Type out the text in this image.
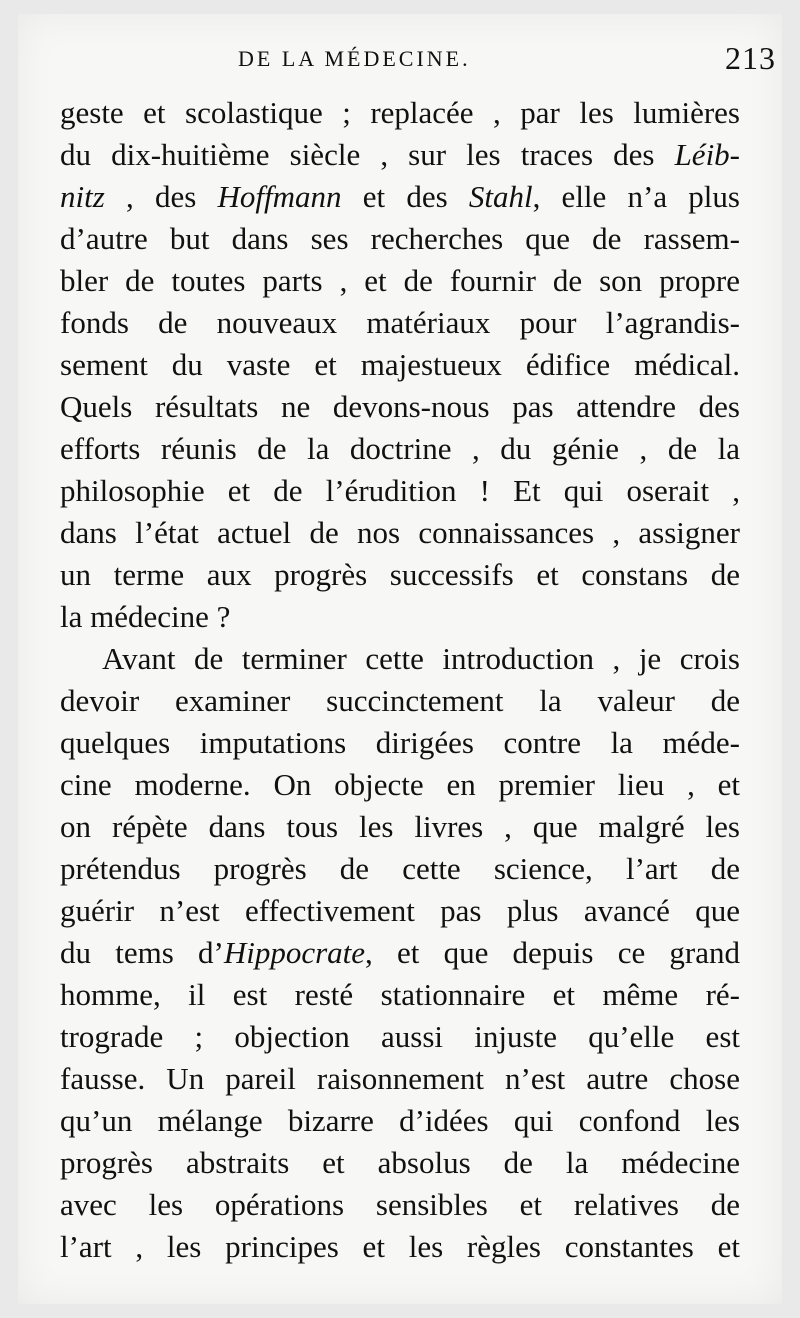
DE LA MÉDECINE.	213
geste et scolastique ; replacée , par les lumières
du dix-huitième siècle , sur les traces des Léib-
nitz , des Hoffmann et des Stahl, elle n’a plus
d’autre but dans ses recherches que de rassem-
bler de toutes parts , et de fournir de son propre
fonds de nouveaux matériaux pour l’agrandis-
sement du vaste et majestueux édifice médical.
Quels résultats ne devons-nous pas attendre des
efforts réunis de la doctrine , du génie , de la
philosophie et de l’érudition ! Et qui oserait ,
dans l’état actuel de nos connaissances , assigner
un terme aux progrès successifs et constans de
la médecine ?
Avant de terminer cette introduction , je crois
devoir examiner succinctement la valeur de
quelques imputations dirigées contre la méde-
cine moderne. On objecte en premier lieu , et
on répète dans tous les livres , que malgré les
prétendus progrès de cette science, l’art de
guérir n’est effectivement pas plus avancé que
du tems d’Hippocrate, et que depuis ce grand
homme, il est resté stationnaire et même ré-
trograde ; objection aussi injuste qu’elle est
fausse. Un pareil raisonnement n’est autre chose
qu’un mélange bizarre d’idées qui confond les
progrès abstraits et absolus de la médecine
avec les opérations sensibles et relatives de
l’art , les principes et les règles constantes et
